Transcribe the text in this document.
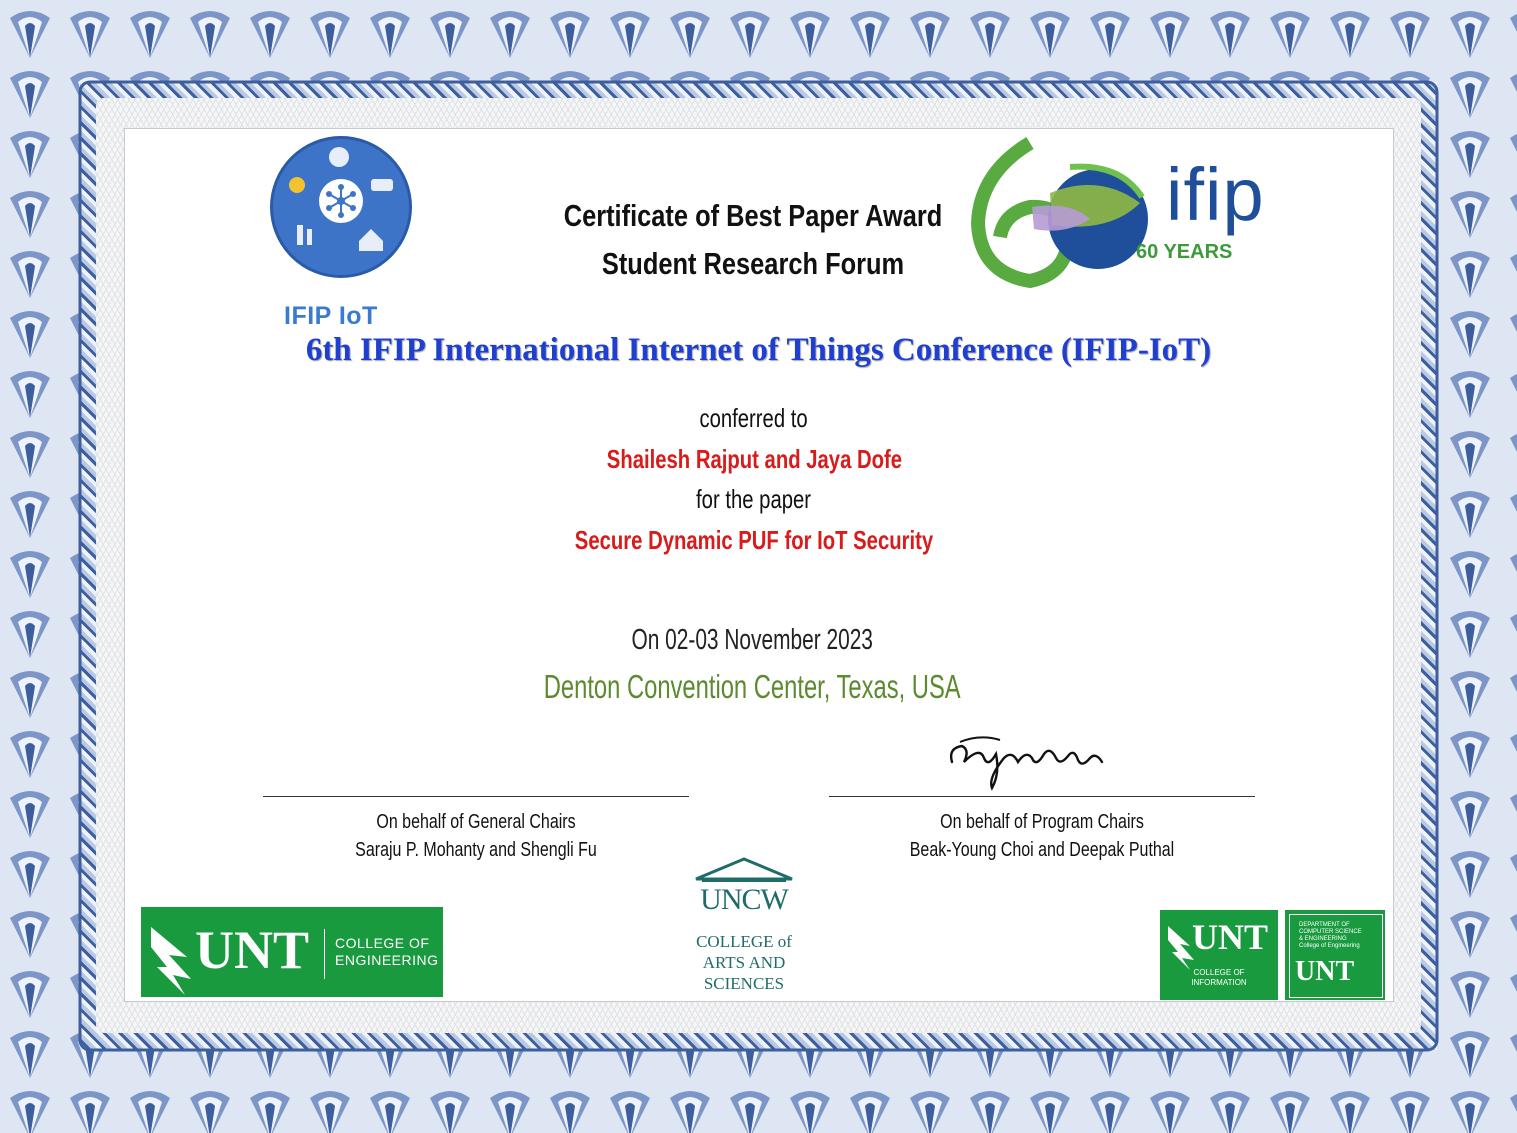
IFIP IoT
ifip
60 YEARS
Certificate of Best Paper Award
Student Research Forum
6th IFIP International Internet of Things Conference (IFIP-IoT)
conferred to
Shailesh Rajput and Jaya Dofe
for the paper
Secure Dynamic PUF for IoT Security
On 02-03 November 2023
Denton Convention Center, Texas, USA
On behalf of General Chairs
Saraju P. Mohanty and Shengli Fu
On behalf of Program Chairs
Beak-Young Choi and Deepak Puthal
UNT COLLEGE OF
ENGINEERING
UNCW
COLLEGE of
ARTS AND
SCIENCES
UNT
COLLEGE OF
INFORMATION
DEPARTMENT OF
COMPUTER SCIENCE
& ENGINEERING
College of Engineering
UNT
